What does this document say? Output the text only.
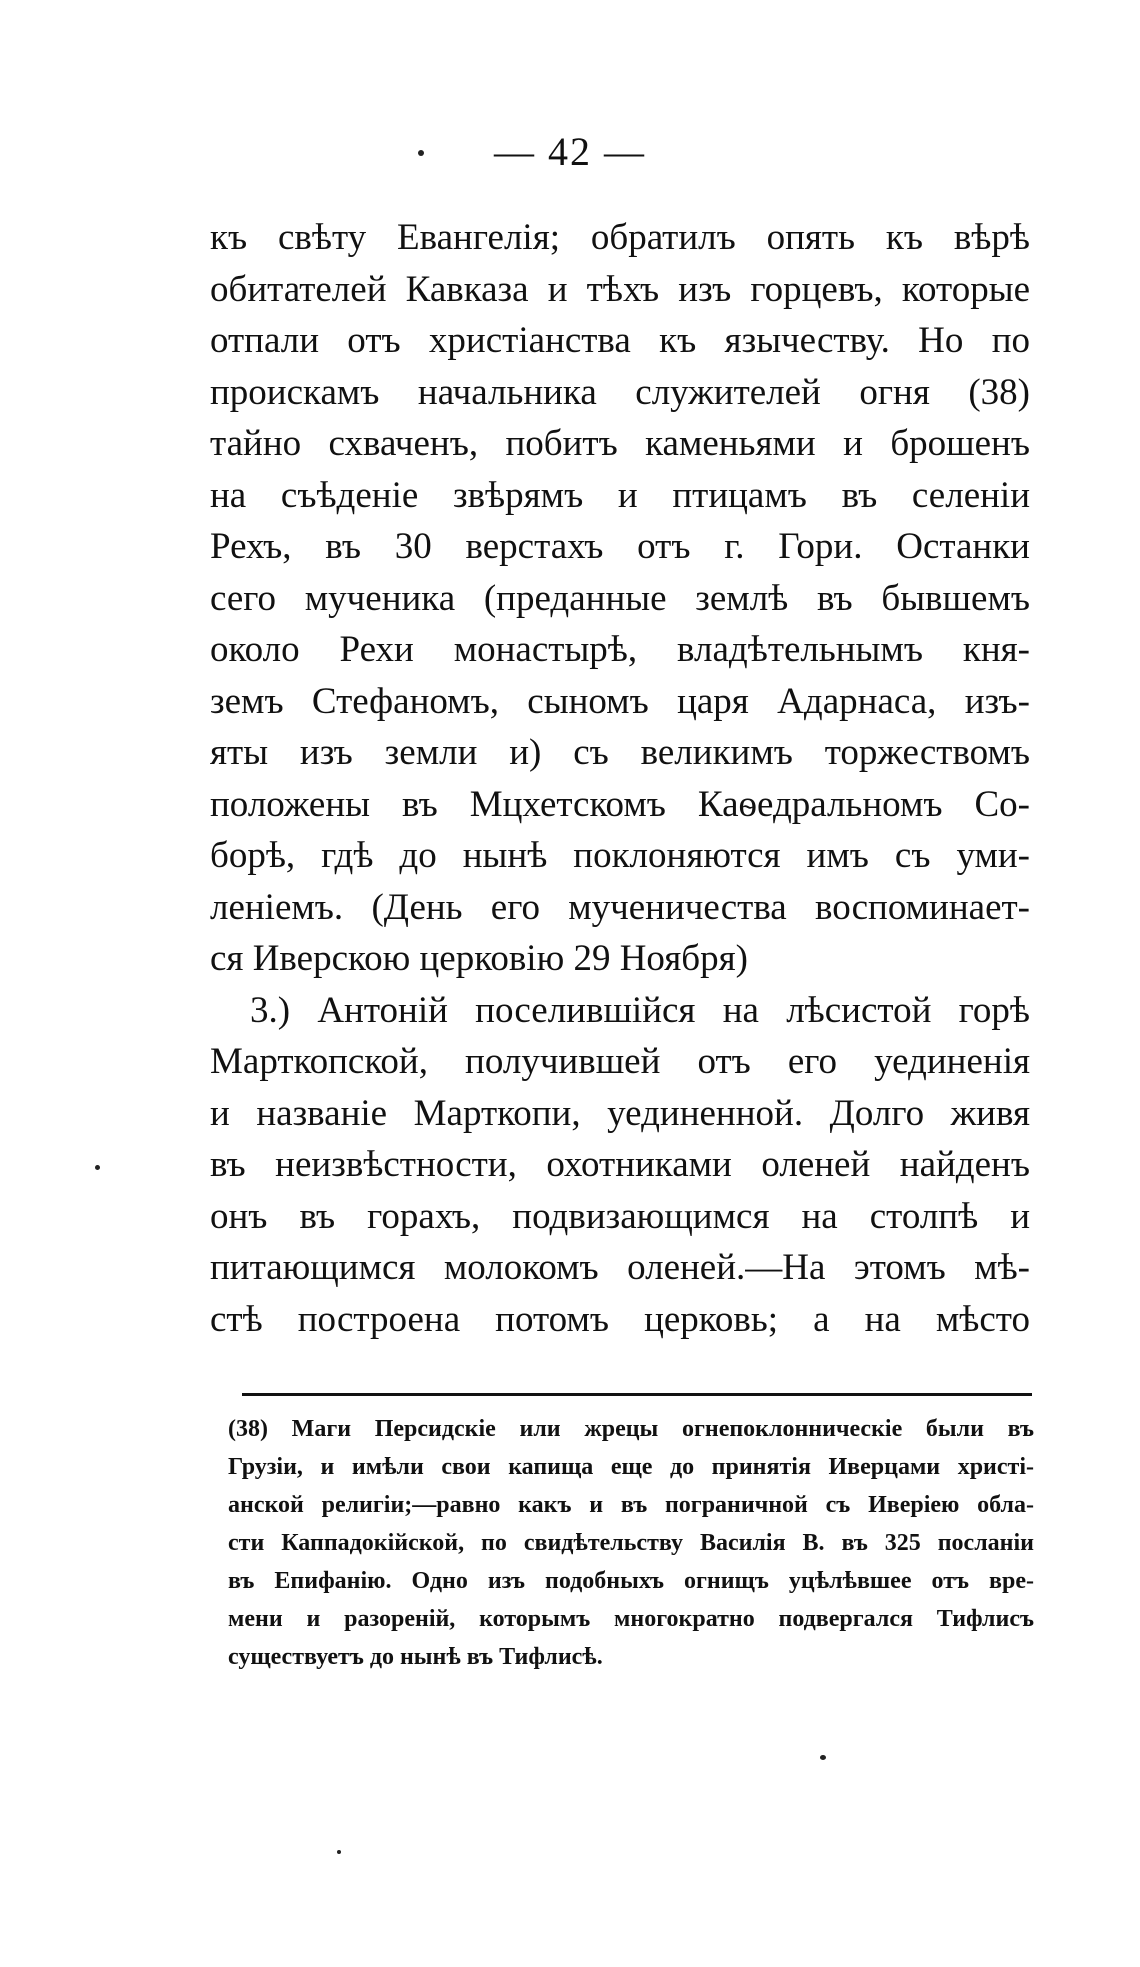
— 42 —
къ свѣту Евангелія; обратилъ опять къ вѣрѣ
обитателей Кавказа и тѣхъ изъ горцевъ, которые
отпали отъ христіанства къ язычеству. Но по
проискамъ начальника служителей огня (38)
тайно схваченъ, побитъ каменьями и брошенъ
на съѣденіе звѣрямъ и птицамъ въ селеніи
Рехъ, въ 30 верстахъ отъ г. Гори. Останки
сего мученика (преданные землѣ въ бывшемъ
около Рехи монастырѣ, владѣтельнымъ кня-
земъ Стефаномъ, сыномъ царя Адарнаса, изъ-
яты изъ земли и) съ великимъ торжествомъ
положены въ Мцхетскомъ Каѳедральномъ Со-
борѣ, гдѣ до нынѣ поклоняются имъ съ уми-
леніемъ. (День его мученичества воспоминает-
ся Иверскою церковію 29 Ноября)
3.) Антоній поселившійся на лѣсистой горѣ
Марткопской, получившей отъ его уединенія
и названіе Марткопи, уединенной. Долго живя
въ неизвѣстности, охотниками оленей найденъ
онъ въ горахъ, подвизающимся на столпѣ и
питающимся молокомъ оленей.—На этомъ мѣ-
стѣ построена потомъ церковь; а на мѣсто
(38) Маги Персидскіе или жрецы огнепоклонническіе были въ
Грузіи, и имѣли свои капища еще до принятія Иверцами христі-
анской религіи;—равно какъ и въ пограничной съ Иверіею обла-
сти Каппадокійской, по свидѣтельству Василія В. въ 325 посланіи
въ Епифанію. Одно изъ подобныхъ огнищъ уцѣлѣвшее отъ вре-
мени и разореній, которымъ многократно подвергался Тифлисъ
существуетъ до нынѣ въ Тифлисѣ.
